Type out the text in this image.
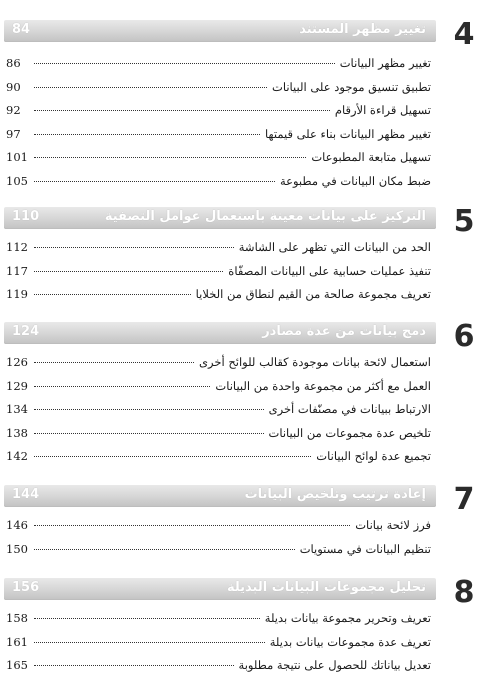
4
تغيير مظهر المستند
84
تغيير مظهر البيانات
86
تطبيق تنسيق موجود على البيانات
90
تسهيل قراءة الأرقام
92
تغيير مظهر البيانات بناء على قيمتها
97
تسهيل متابعة المطبوعات
101
ضبط مكان البيانات في مطبوعة
105
5
التركيز على بيانات معينة باستعمال عوامل التصفية
110
الحد من البيانات التي تظهر على الشاشة
112
تنفيذ عمليات حسابية على البيانات المصفّاة
117
تعريف مجموعة صالحة من القيم لنطاق من الخلايا
119
6
دمج بيانات من عدة مصادر
124
استعمال لائحة بيانات موجودة كقالب للوائح أخرى
126
العمل مع أكثر من مجموعة واحدة من البيانات
129
الارتباط ببيانات في مصنّفات أخرى
134
تلخيص عدة مجموعات من البيانات
138
تجميع عدة لوائح البيانات
142
7
إعادة ترتيب وتلخيص البيانات
144
فرز لائحة بيانات
146
تنظيم البيانات في مستويات
150
8
تحليل مجموعات البيانات البديلة
156
تعريف وتحرير مجموعة بيانات بديلة
158
تعريف عدة مجموعات بيانات بديلة
161
تعديل بياناتك للحصول على نتيجة مطلوبة
165
